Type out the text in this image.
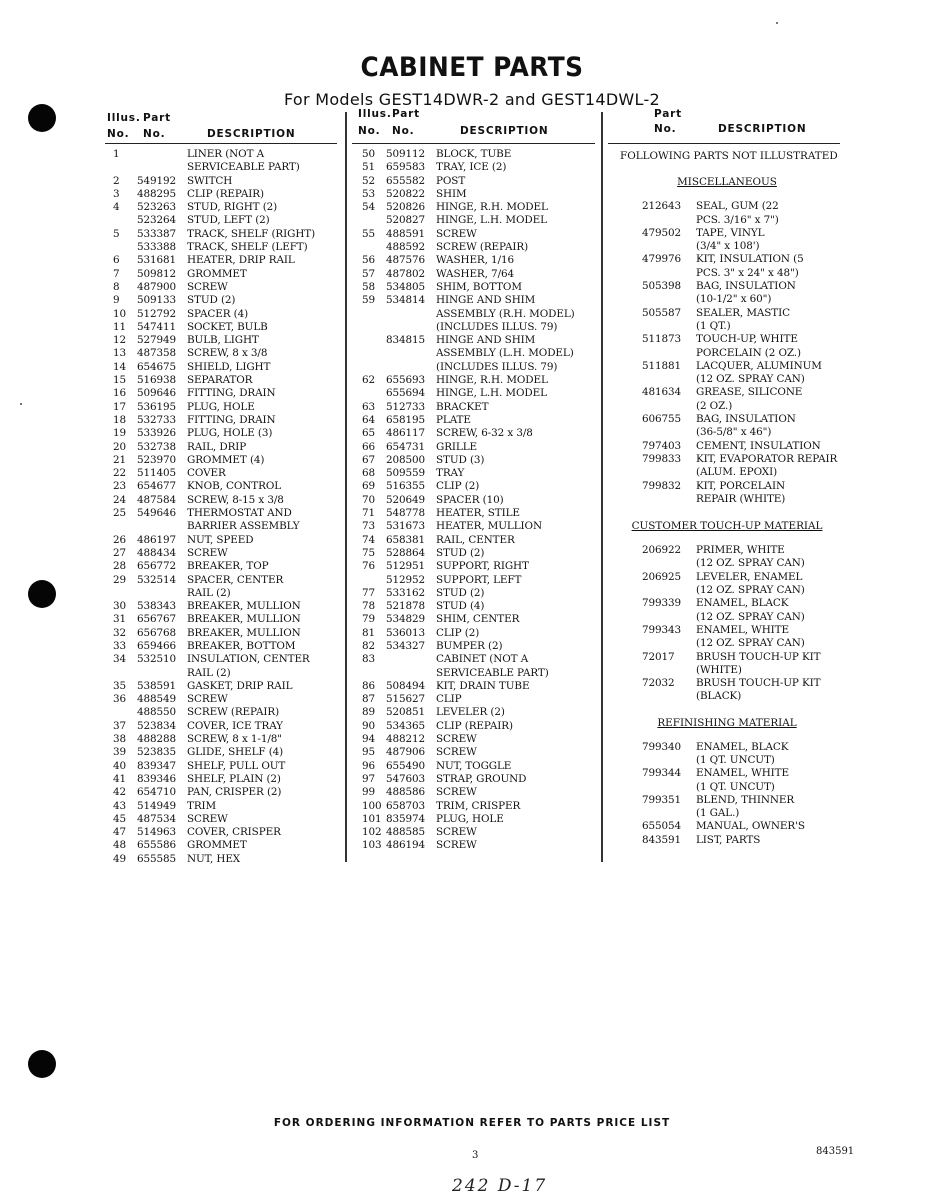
CABINET PARTS
For Models GEST14DWR-2 and GEST14DWL-2
Illus. Part
No. No.	DESCRIPTION
1	LINER (NOT A
SERVICEABLE PART)
2	549192 SWITCH
3	488295 CLIP (REPAIR)
4	523263 STUD, RIGHT (2)
523264 STUD, LEFT (2)
5	533387 TRACK, SHELF (RIGHT)
533388 TRACK, SHELF (LEFT)
6	531681 HEATER, DRIP RAIL
7	509812 GROMMET
8	487900 SCREW
9	509133 STUD (2)
10	512792 SPACER (4)
11	547411 SOCKET, BULB
12	527949 BULB, LIGHT
13	487358 SCREW, 8 x 3/8
14	654675 SHIELD, LIGHT
15	516938 SEPARATOR
16	509646 FITTING, DRAIN
17	536195 PLUG, HOLE
18	532733 FITTING, DRAIN
19	533926 PLUG, HOLE (3)
20	532738 RAIL, DRIP
21	523970 GROMMET (4)
22	511405 COVER
23	654677 KNOB, CONTROL
24	487584 SCREW, 8-15 x 3/8
25	549646 THERMOSTAT AND
BARRIER ASSEMBLY
26	486197 NUT, SPEED
27	488434 SCREW
28	656772 BREAKER, TOP
29	532514 SPACER, CENTER
RAIL (2)
30	538343 BREAKER, MULLION
31	656767 BREAKER, MULLION
32	656768 BREAKER, MULLION
33	659466 BREAKER, BOTTOM
34	532510 INSULATION, CENTER
RAIL (2)
35	538591 GASKET, DRIP RAIL
36	488549 SCREW
488550 SCREW (REPAIR)
37	523834 COVER, ICE TRAY
38	488288 SCREW, 8 x 1-1/8"
39	523835 GLIDE, SHELF (4)
40	839347 SHELF, PULL OUT
41	839346 SHELF, PLAIN (2)
42	654710 PAN, CRISPER (2)
43	514949 TRIM
45	487534 SCREW
47	514963 COVER, CRISPER
48	655586 GROMMET
49	655585 NUT, HEX
Illus. Part
No. No.	DESCRIPTION
50	509112 BLOCK, TUBE
51	659583 TRAY, ICE (2)
52	655582 POST
53	520822 SHIM
54	520826 HINGE, R.H. MODEL
520827 HINGE, L.H. MODEL
55	488591 SCREW
488592 SCREW (REPAIR)
56	487576 WASHER, 1/16
57	487802 WASHER, 7/64
58	534805 SHIM, BOTTOM
59	534814 HINGE AND SHIM
ASSEMBLY (R.H. MODEL)
(INCLUDES ILLUS. 79)
834815 HINGE AND SHIM
ASSEMBLY (L.H. MODEL)
(INCLUDES ILLUS. 79)
62	655693 HINGE, R.H. MODEL
655694 HINGE, L.H. MODEL
63	512733 BRACKET
64	658195 PLATE
65	486117 SCREW, 6-32 x 3/8
66	654731 GRILLE
67	208500 STUD (3)
68	509559 TRAY
69	516355 CLIP (2)
70	520649 SPACER (10)
71	548778 HEATER, STILE
73	531673 HEATER, MULLION
74	658381 RAIL, CENTER
75	528864 STUD (2)
76	512951 SUPPORT, RIGHT
512952 SUPPORT, LEFT
77	533162 STUD (2)
78	521878 STUD (4)
79	534829 SHIM, CENTER
81	536013 CLIP (2)
82	534327 BUMPER (2)
83	CABINET (NOT A
SERVICEABLE PART)
86	508494 KIT, DRAIN TUBE
87	515627 CLIP
89	520851 LEVELER (2)
90	534365 CLIP (REPAIR)
94	488212 SCREW
95	487906 SCREW
96	655490 NUT, TOGGLE
97	547603 STRAP, GROUND
99	488586 SCREW
100 658703 TRIM, CRISPER
101 835974 PLUG, HOLE
102 488585 SCREW
103 486194 SCREW
Part
No.	DESCRIPTION
FOLLOWING PARTS NOT ILLUSTRATED
MISCELLANEOUS
212643 SEAL, GUM (22
PCS. 3/16" x 7")
479502 TAPE, VINYL
(3/4" x 108')
479976 KIT, INSULATION (5
PCS. 3" x 24" x 48")
505398 BAG, INSULATION
(10-1/2" x 60")
505587 SEALER, MASTIC
(1 QT.)
511873 TOUCH-UP, WHITE
PORCELAIN (2 OZ.)
511881 LACQUER, ALUMINUM
(12 OZ. SPRAY CAN)
481634 GREASE, SILICONE
(2 OZ.)
606755 BAG, INSULATION
(36-5/8" x 46")
797403 CEMENT, INSULATION
799833 KIT, EVAPORATOR REPAIR
(ALUM. EPOXI)
799832 KIT, PORCELAIN
REPAIR (WHITE)
CUSTOMER TOUCH-UP MATERIAL
206922 PRIMER, WHITE
(12 OZ. SPRAY CAN)
206925 LEVELER, ENAMEL
(12 OZ. SPRAY CAN)
799339 ENAMEL, BLACK
(12 OZ. SPRAY CAN)
799343 ENAMEL, WHITE
(12 OZ. SPRAY CAN)
72017 BRUSH TOUCH-UP KIT
(WHITE)
72032 BRUSH TOUCH-UP KIT
(BLACK)
REFINISHING MATERIAL
799340 ENAMEL, BLACK
(1 QT. UNCUT)
799344 ENAMEL, WHITE
(1 QT. UNCUT)
799351 BLEND, THINNER
(1 GAL.)
655054 MANUAL, OWNER'S
843591 LIST, PARTS
FOR ORDERING INFORMATION REFER TO PARTS PRICE LIST
3	843591
242 D-17
